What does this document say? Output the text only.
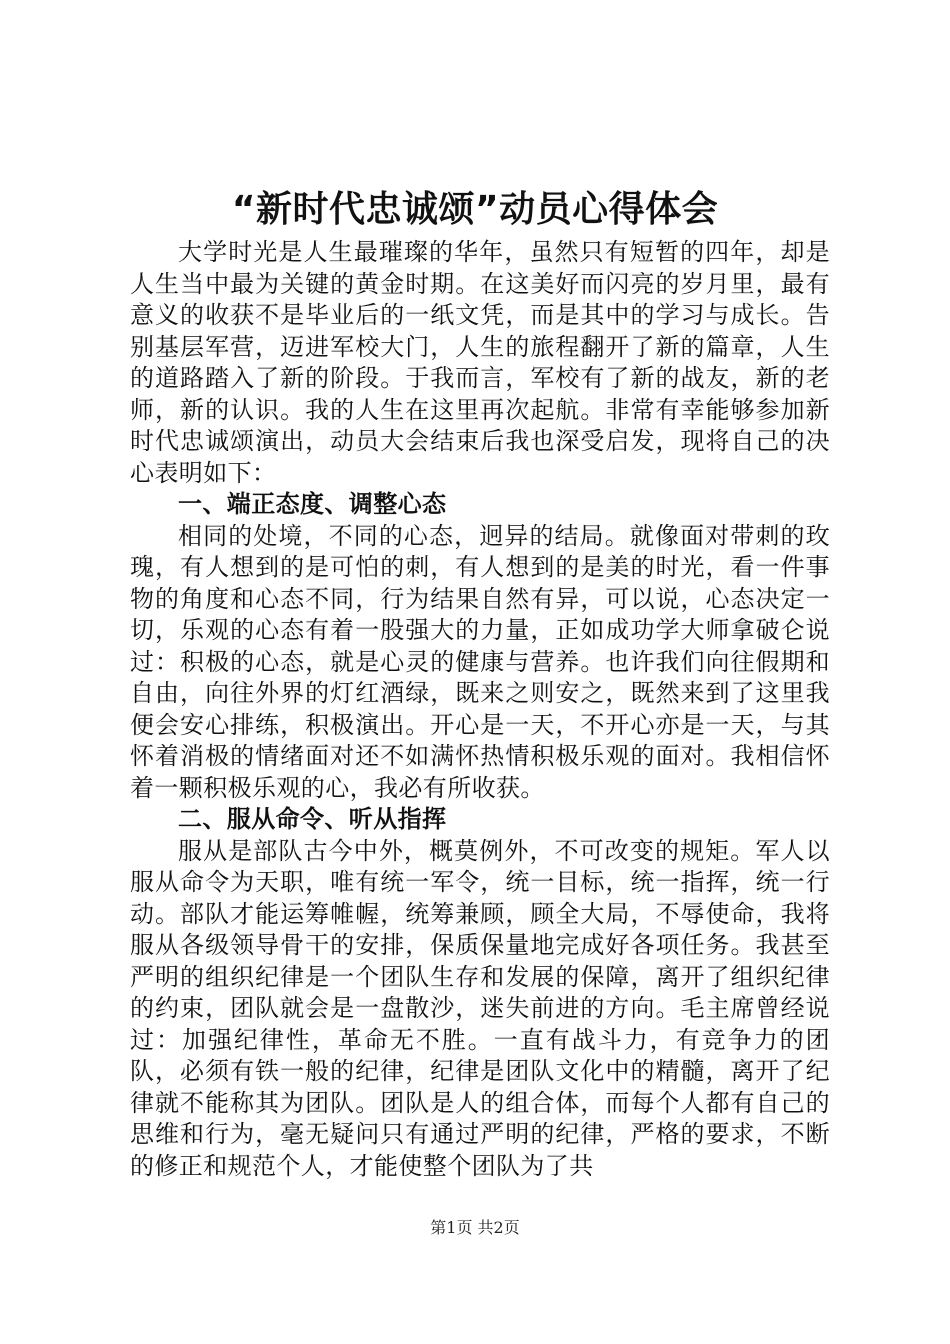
“新时代忠诚颂”动员心得体会

大学时光是人生最璀璨的华年，虽然只有短暂的四年，却是人生当中最为关键的黄金时期。在这美好而闪亮的岁月里，最有意义的收获不是毕业后的一纸文凭，而是其中的学习与成长。告别基层军营，迈进军校大门，人生的旅程翻开了新的篇章，人生的道路踏入了新的阶段。于我而言，军校有了新的战友，新的老师，新的认识。我的人生在这里再次起航。非常有幸能够参加新时代忠诚颂演出，动员大会结束后我也深受启发，现将自己的决心表明如下：

一、端正态度、调整心态

相同的处境，不同的心态，迥异的结局。就像面对带刺的玫瑰，有人想到的是可怕的刺，有人想到的是美的时光，看一件事物的角度和心态不同，行为结果自然有异，可以说，心态决定一切，乐观的心态有着一股强大的力量，正如成功学大师拿破仑说过：积极的心态，就是心灵的健康与营养。也许我们向往假期和自由，向往外界的灯红酒绿，既来之则安之，既然来到了这里我便会安心排练，积极演出。开心是一天，不开心亦是一天，与其怀着消极的情绪面对还不如满怀热情积极乐观的面对。我相信怀着一颗积极乐观的心，我必有所收获。

二、服从命令、听从指挥

服从是部队古今中外，概莫例外，不可改变的规矩。军人以服从命令为天职，唯有统一军令，统一目标，统一指挥，统一行动。部队才能运筹帷幄，统筹兼顾，顾全大局，不辱使命，我将服从各级领导骨干的安排，保质保量地完成好各项任务。我甚至严明的组织纪律是一个团队生存和发展的保障，离开了组织纪律的约束，团队就会是一盘散沙，迷失前进的方向。毛主席曾经说过：加强纪律性，革命无不胜。一直有战斗力，有竞争力的团队，必须有铁一般的纪律，纪律是团队文化中的精髓，离开了纪律就不能称其为团队。团队是人的组合体，而每个人都有自己的思维和行为，毫无疑问只有通过严明的纪律，严格的要求，不断的修正和规范个人，才能使整个团队为了共

第1页 共2页
